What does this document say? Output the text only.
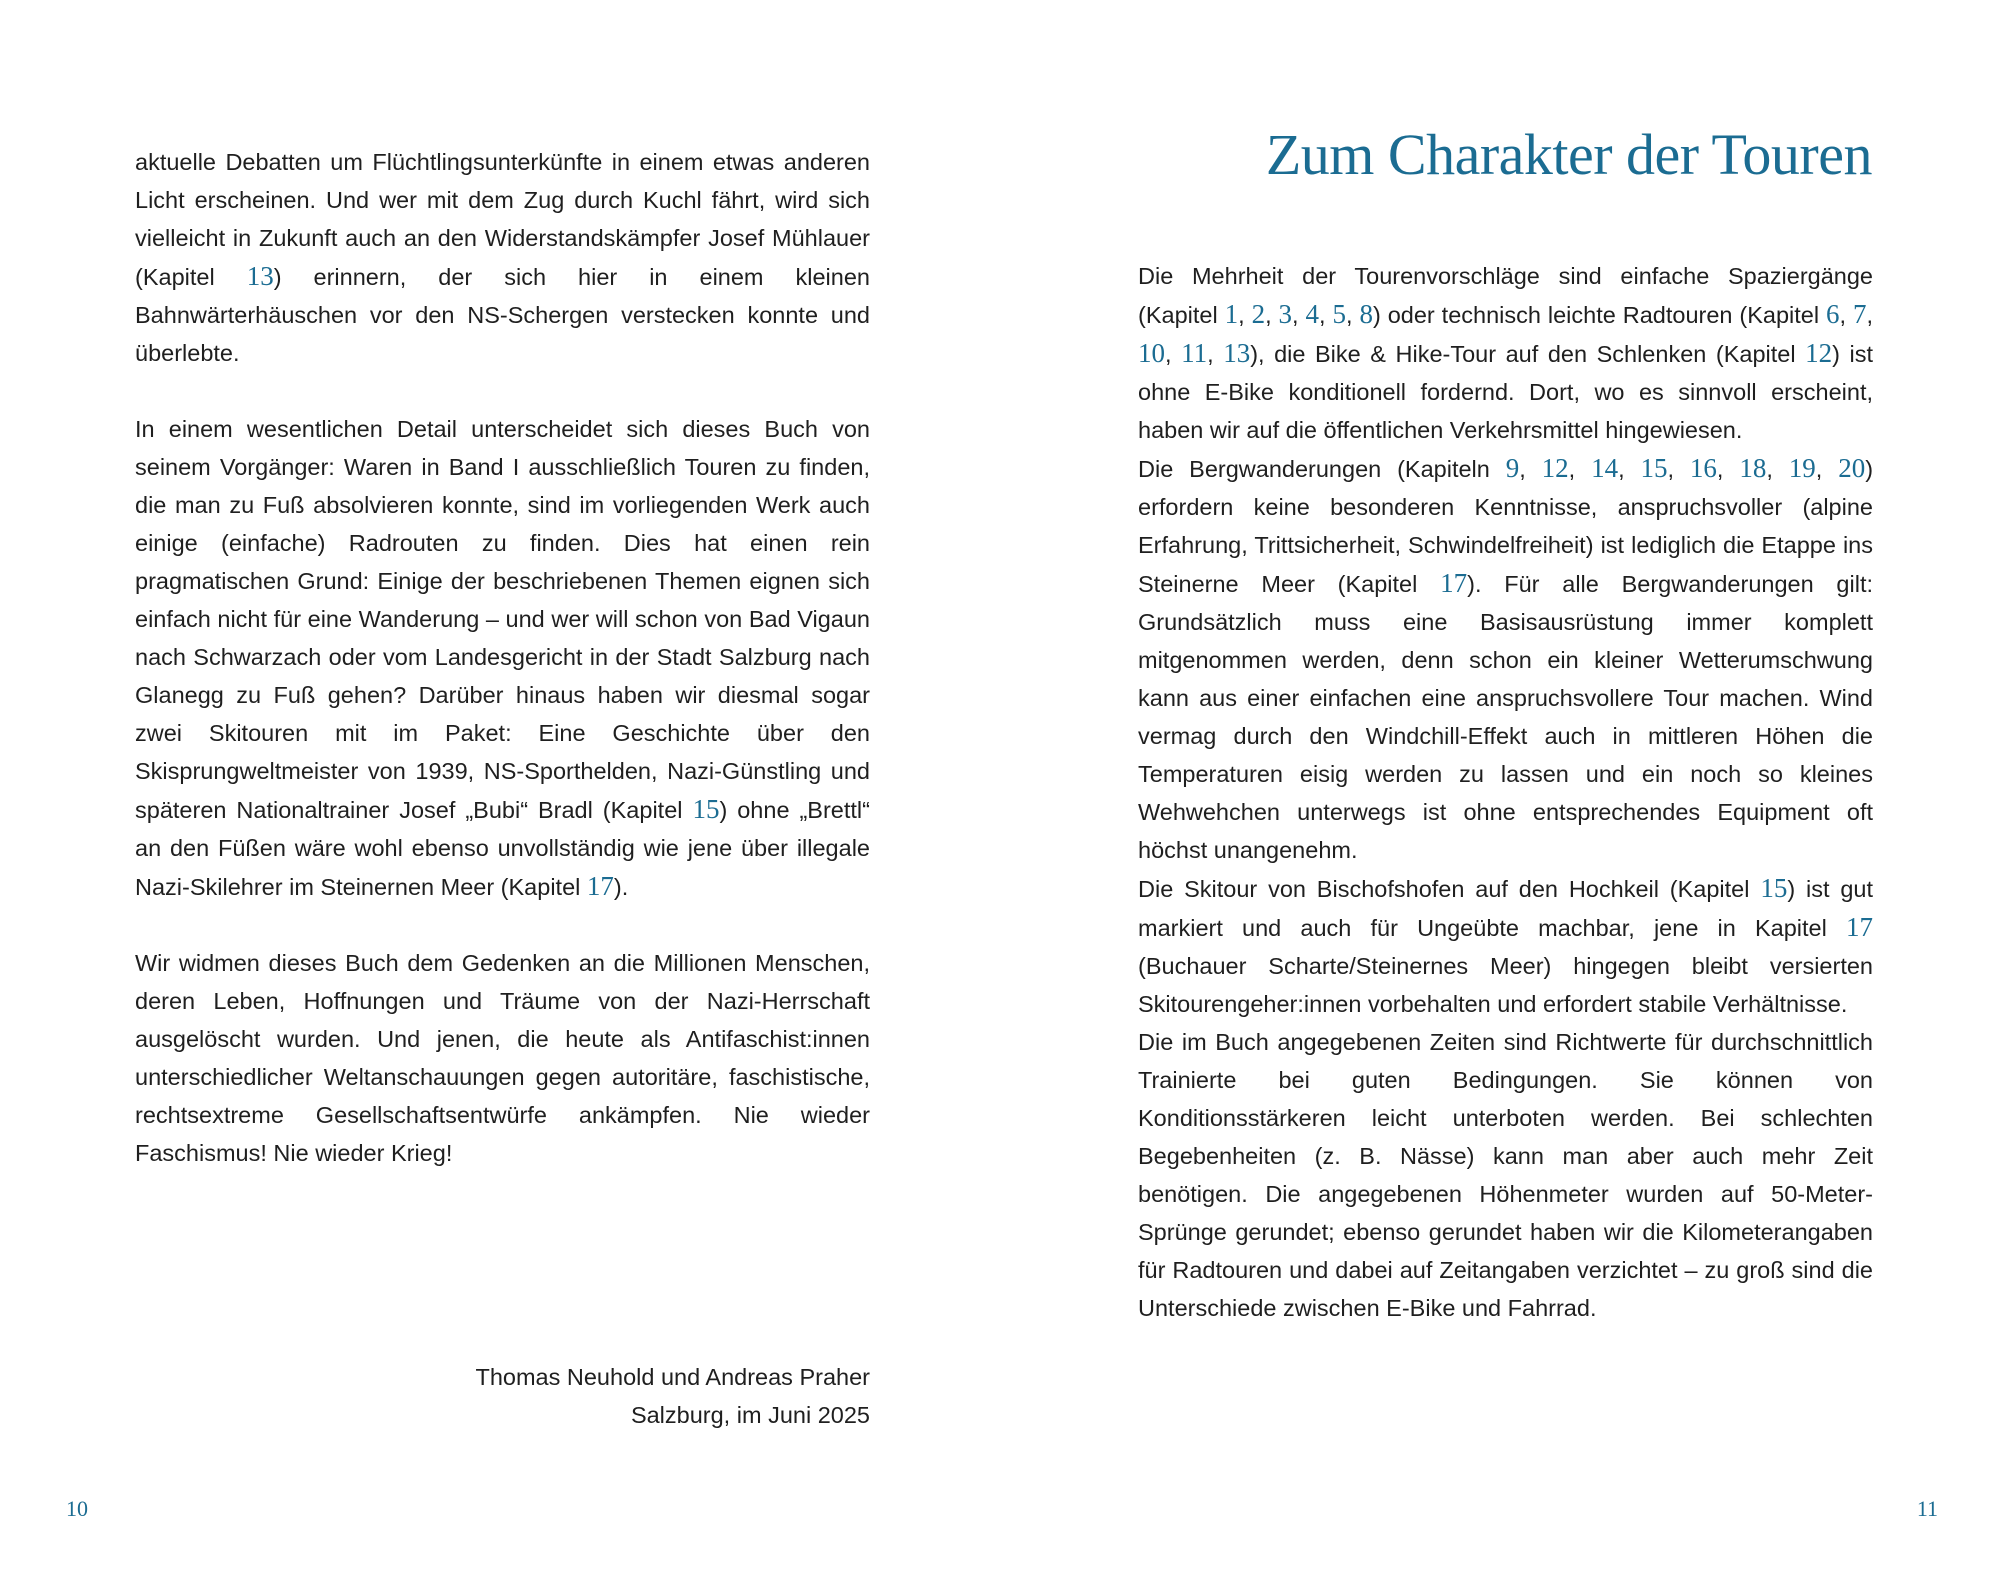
aktuelle Debatten um Flüchtlingsunterkünfte in einem etwas anderen Licht erscheinen. Und wer mit dem Zug durch Kuchl fährt, wird sich vielleicht in Zukunft auch an den Widerstandskämpfer Josef Mühlauer (Kapitel 13) erinnern, der sich hier in einem kleinen Bahnwärterhäuschen vor den NS-Schergen verstecken konnte und überlebte.

In einem wesentlichen Detail unterscheidet sich dieses Buch von seinem Vorgänger: Waren in Band I ausschließlich Touren zu finden, die man zu Fuß absolvieren konnte, sind im vorliegenden Werk auch einige (einfache) Radrouten zu finden. Dies hat einen rein pragmatischen Grund: Einige der beschriebenen Themen eignen sich einfach nicht für eine Wanderung – und wer will schon von Bad Vigaun nach Schwarzach oder vom Landesgericht in der Stadt Salzburg nach Glanegg zu Fuß gehen? Darüber hinaus haben wir diesmal sogar zwei Skitouren mit im Paket: Eine Geschichte über den Skisprungweltmeister von 1939, NS-Sporthelden, Nazi-Günstling und späteren Nationaltrainer Josef „Bubi“ Bradl (Kapitel 15) ohne „Brettl“ an den Füßen wäre wohl ebenso unvollständig wie jene über illegale Nazi-Skilehrer im Steinernen Meer (Kapitel 17).

Wir widmen dieses Buch dem Gedenken an die Millionen Menschen, deren Leben, Hoffnungen und Träume von der Nazi-Herrschaft ausgelöscht wurden. Und jenen, die heute als Antifaschist:innen unterschiedlicher Weltanschauungen gegen autoritäre, faschistische, rechtsextreme Gesellschaftsentwürfe ankämpfen. Nie wieder Faschismus! Nie wieder Krieg!

Thomas Neuhold und Andreas Praher
Salzburg, im Juni 2025
10
Zum Charakter der Touren

Die Mehrheit der Tourenvorschläge sind einfache Spaziergänge (Kapitel 1, 2, 3, 4, 5, 8) oder technisch leichte Radtouren (Kapitel 6, 7, 10, 11, 13), die Bike & Hike-Tour auf den Schlenken (Kapitel 12) ist ohne E-Bike konditionell fordernd. Dort, wo es sinnvoll erscheint, haben wir auf die öffentlichen Verkehrsmittel hingewiesen.

Die Bergwanderungen (Kapiteln 9, 12, 14, 15, 16, 18, 19, 20) erfordern keine besonderen Kenntnisse, anspruchsvoller (alpine Erfahrung, Trittsicherheit, Schwindelfreiheit) ist lediglich die Etappe ins Steinerne Meer (Kapitel 17). Für alle Bergwanderungen gilt: Grundsätzlich muss eine Basisausrüstung immer komplett mitgenommen werden, denn schon ein kleiner Wetterumschwung kann aus einer einfachen eine anspruchsvollere Tour machen. Wind vermag durch den Windchill-Effekt auch in mittleren Höhen die Temperaturen eisig werden zu lassen und ein noch so kleines Wehwehchen unterwegs ist ohne entsprechendes Equipment oft höchst unangenehm.

Die Skitour von Bischofshofen auf den Hochkeil (Kapitel 15) ist gut markiert und auch für Ungeübte machbar, jene in Kapitel 17 (Buchauer Scharte/Steinernes Meer) hingegen bleibt versierten Skitourengeher:innen vorbehalten und erfordert stabile Verhältnisse.

Die im Buch angegebenen Zeiten sind Richtwerte für durchschnittlich Trainierte bei guten Bedingungen. Sie können von Konditionsstärkeren leicht unterboten werden. Bei schlechten Begebenheiten (z. B. Nässe) kann man aber auch mehr Zeit benötigen. Die angegebenen Höhenmeter wurden auf 50-Meter-Sprünge gerundet; ebenso gerundet haben wir die Kilometerangaben für Radtouren und dabei auf Zeitangaben verzichtet – zu groß sind die Unterschiede zwischen E-Bike und Fahrrad.

11
